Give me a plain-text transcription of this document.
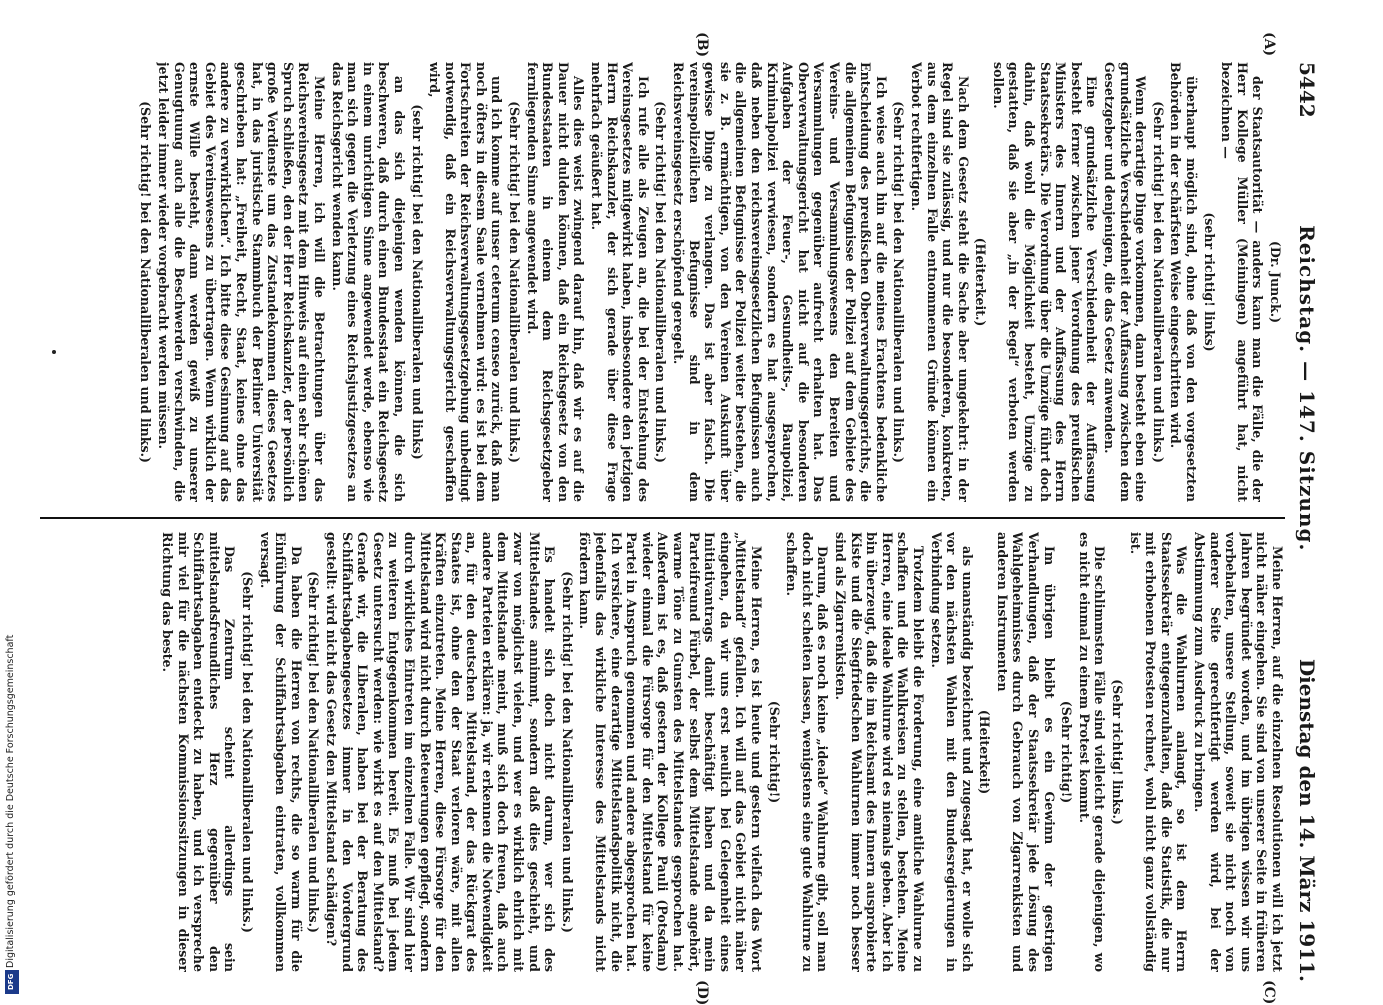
5442
Reichstag. — 147. Sitzung.
Dienstag den 14. März 1911.

(Dr. Junck.)

der Staatsautorität — anders kann man die Fälle, die der Herr Kollege Müller (Meiningen) angeführt hat, nicht bezeichnen —

(sehr richtig! links)

überhaupt möglich sind, ohne daß von den vorgesetzten Behörden in der schärfsten Weise eingeschritten wird.

(Sehr richtig! bei den Nationalliberalen und links.)

Wenn derartige Dinge vorkommen, dann besteht eben eine grundsätzliche Verschiedenheit der Auffassung zwischen dem Gesetzgeber und denjenigen, die das Gesetz anwenden.

Eine grundsätzliche Verschiedenheit der Auffassung besteht ferner zwischen jener Verordnung des preußischen Ministers des Innern und der Auffassung des Herrn Staatssekretärs. Die Verordnung über die Umzüge führt doch dahin, daß wohl die Möglichkeit besteht, Umzüge zu gestatten, daß sie aber „in der Regel“ verboten werden sollen.

(Heiterkeit.)

Nach dem Gesetz steht die Sache aber umgekehrt: in der Regel sind sie zulässig, und nur die besonderen, konkreten, aus dem einzelnen Falle entnommenen Gründe können ein Verbot rechtfertigen.

(Sehr richtig! bei den Nationalliberalen und links.)

Ich weise auch hin auf die meines Erachtens bedenkliche Entscheidung des preußischen Oberverwaltungsgerichts, die die allgemeinen Befugnisse der Polizei auf dem Gebiete des Vereins- und Versammlungswesens den Bereiten und Versammlungen gegenüber aufrecht erhalten hat. Das Oberverwaltungsgericht hat nicht auf die besonderen Aufgaben der Feuer-, Gesundheits-, Baupolizei, Kriminalpolizei verwiesen, sondern es hat ausgesprochen, daß neben den reichsvereinsgesetzlichen Befugnissen auch die allgemeinen Befugnisse der Polizei weiter bestehen, die sie z. B. ermächtigen, von den Vereinen Auskunft über gewisse Dinge zu verlangen. Das ist aber falsch. Die vereinspolizeilichen Befugnisse sind in dem Reichsvereinsgesetz erschöpfend geregelt.

(Sehr richtig! bei den Nationalliberalen und links.)

Ich rufe alle als Zeugen an, die bei der Entstehung des Vereinsgesetzes mitgewirkt haben, insbesondere den jetzigen Herrn Reichskanzler, der sich gerade über diese Frage mehrfach geäußert hat.

Alles dies weist zwingend darauf hin, daß wir es auf die Dauer nicht dulden können, daß ein Reichsgesetz von den Bundesstaaten in einem dem Reichsgesetzgeber fernliegenden Sinne angewendet wird.

(Sehr richtig! bei den Nationalliberalen und links.)

und ich komme auf unser ceterum censeo zurück, daß man noch öfters in diesem Saale vernehmen wird: es ist bei dem Fortschreiten der Reichsverwaltungsgesetzgebung unbedingt notwendig, daß ein Reichsverwaltungsgericht geschaffen wird,

(sehr richtig! bei den Nationalliberalen und links)

an das sich diejenigen wenden können, die sich beschweren, daß durch einen Bundesstaat ein Reichsgesetz in einem unrichtigen Sinne angewendet werde, ebenso wie man sich gegen die Verletzung eines Reichsjustizgesetzes an das Reichsgericht wenden kann.

Meine Herren, ich will die Betrachtungen über das Reichsvereinsgesetz mit dem Hinweis auf einen sehr schönen Spruch schließen, den der Herr Reichskanzler, der persönlich große Verdienste um das Zustandekommen dieses Gesetzes hat, in das juristische Stammbuch der Berliner Universität geschrieben hat: „Freiheit, Recht, Staat, keines ohne das andere zu verwirklichen“. Ich bitte diese Gesinnung auf das Gebiet des Vereinswesens zu übertragen. Wenn wirklich der ernste Wille besteht, dann werden gewiß zu unserer Genugtuung auch alle die Beschwerden verschwinden, die jetzt leider immer wieder vorgebracht werden müssen.

(Sehr richtig! bei den Nationalliberalen und links.)

Meine Herren, auf die einzelnen Resolutionen will ich jetzt nicht näher eingehen. Sie sind von unserer Seite in früheren Jahren begründet worden, und im übrigen wissen wir uns vorbehalten, unsere Stellung, soweit sie nicht noch von anderer Seite gerechtfertigt werden wird, bei der Abstimmung zum Ausdruck zu bringen.

Was die Wahlurnen anlangt, so ist dem Herrn Staatssekretär entgegenzuhalten, daß die Statistik, die nur mit erhobenen Protesten rechnet, wohl nicht ganz vollständig ist.

(Sehr richtig! links.)

Die schlimmsten Fälle sind vielleicht gerade diejenigen, wo es nicht einmal zu einem Protest kommt.

(Sehr richtig!)

Im übrigen bleibt es ein Gewinn der gestrigen Verhandlungen, daß der Staatssekretär jede Lösung des Wahlgeheimnisses durch Gebrauch von Zigarrenkisten und anderen Instrumenten

(Heiterkeit)

als unanständig bezeichnet und zugesagt hat, er wolle sich vor den nächsten Wahlen mit den Bundesregierungen in Verbindung setzen.

Trotzdem bleibt die Forderung, eine amtliche Wahlurne zu schaffen und die Wahlkreisen zu stellen, bestehen. Meine Herren, eine ideale Wahlurne wird es niemals geben. Aber ich bin überzeugt, daß die im Reichsamt des Innern ausprobierte Kiste und die Siegfriedschen Wahlurnen immer noch besser sind als Zigarrenkisten.

Darum, daß es noch keine „ideale“ Wahlurne gibt, soll man doch nicht scheiten lassen, wenigstens eine gute Wahlurne zu schaffen.

(Sehr richtig!)

Meine Herren, es ist heute und gestern vielfach das Wort „Mittelstand“ gefallen. Ich will auf das Gebiet nicht näher eingehen, da wir uns erst neulich bei Gelegenheit eines Initiativantrags damit beschäftigt haben und da mein Parteifreund Fürbel, der selbst dem Mittelstande angehört, warme Töne zu Gunsten des Mittelstandes gesprochen hat. Außerdem ist es, daß gestern der Kollege Pauli (Potsdam) wieder einmal die Fürsorge für den Mittelstand für keine Partei in Anspruch genommen und andere abgesprochen hat. Ich versichere, eine derartige Mittelstandspolitik nicht, die jedenfalls das wirkliche Interesse des Mittelstands nicht fördern kann.

(Sehr richtig! bei den Nationalliberalen und links.)

Es handelt sich doch nicht darum, wer sich des Mittelstandes annimmt, sondern daß dies geschieht, und zwar von möglichst vielen, und wer es wirklich ehrlich mit dem Mittelstande meint, muß sich doch freuen, daß auch andere Parteien erklären: ja, wir erkennen die Notwendigkeit an, für den deutschen Mittelstand, der das Rückgrat des Staates ist, ohne den der Staat verloren wäre, mit allen Kräften einzutreten. Meine Herren, diese Fürsorge für den Mittelstand wird nicht durch Beteuerungen gepflegt, sondern durch wirkliches Eintreten im einzelnen Falle. Wir sind hier zu weiteren Entgegenkommen bereit. Es muß bei jedem Gesetz untersucht werden: wie wirkt es auf den Mittelstand? Gerade wir, die Liberalen, haben bei der Beratung des Schiffahrtsabgabengesetzes immer in den Vordergrund gestellt: wird nicht das Gesetz den Mittelstand schädigen?

(Sehr richtig! bei den Nationalliberalen und links.)

Da haben die Herren von rechts, die so warm für die Einführung der Schiffahrtsabgaben eintraten, vollkommen versagt.

(Sehr richtig! bei den Nationalliberalen und links.)

Das Zentrum scheint allerdings sein mittelstandsfreundliches Herz gegenüber den Schiffahrtsabgaben entdeckt zu haben, und ich verspreche mir viel für die nächsten Kommissionssitzungen in dieser Richtung das beste.

(A)
(B)
(C)
(D)
Digitalisierung gefördert durch die Deutsche Forschungsgemeinschaft
DFG
